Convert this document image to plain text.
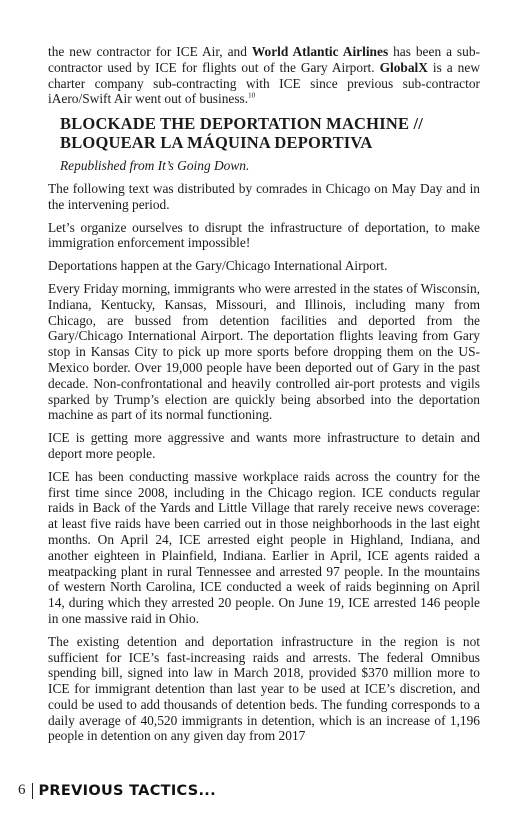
the new contractor for ICE Air, and World Atlantic Airlines has been a sub-contractor used by ICE for flights out of the Gary Airport. GlobalX is a new charter company sub-contracting with ICE since previous sub-contractor iAero/Swift Air went out of business.$^{10}$

BLOCKADE THE DEPORTATION MACHINE // BLOQUEAR LA MÁQUINA DEPORTIVA

Republished from It’s Going Down.

The following text was distributed by comrades in Chicago on May Day and in the intervening period.

Let’s organize ourselves to disrupt the infrastructure of deportation, to make immigration enforcement impossible!

Deportations happen at the Gary/Chicago International Airport.

Every Friday morning, immigrants who were arrested in the states of Wisconsin, Indiana, Kentucky, Kansas, Missouri, and Illinois, including many from Chicago, are bussed from detention facilities and deported from the Gary/Chicago International Airport. The deportation flights leaving from Gary stop in Kansas City to pick up more sports before dropping them on the US-Mexico border. Over 19,000 people have been deported out of Gary in the past decade. Non-confrontational and heavily controlled air-port protests and vigils sparked by Trump’s election are quickly being absorbed into the deportation machine as part of its normal functioning.

ICE is getting more aggressive and wants more infrastructure to detain and deport more people.

ICE has been conducting massive workplace raids across the country for the first time since 2008, including in the Chicago region. ICE conducts regular raids in Back of the Yards and Little Village that rarely receive news coverage: at least five raids have been carried out in those neighborhoods in the last eight months. On April 24, ICE arrested eight people in Highland, Indiana, and another eighteen in Plainfield, Indiana. Earlier in April, ICE agents raided a meatpacking plant in rural Tennessee and arrested 97 people. In the mountains of western North Carolina, ICE conducted a week of raids beginning on April 14, during which they arrested 20 people. On June 19, ICE arrested 146 people in one massive raid in Ohio.

The existing detention and deportation infrastructure in the region is not sufficient for ICE’s fast-increasing raids and arrests. The federal Omnibus spending bill, signed into law in March 2018, provided $370 million more to ICE for immigrant detention than last year to be used at ICE’s discretion, and could be used to add thousands of detention beds. The funding corresponds to a daily average of 40,520 immigrants in detention, which is an increase of 1,196 people in detention on any given day from 2017

6 PREVIOUS TACTICS...
